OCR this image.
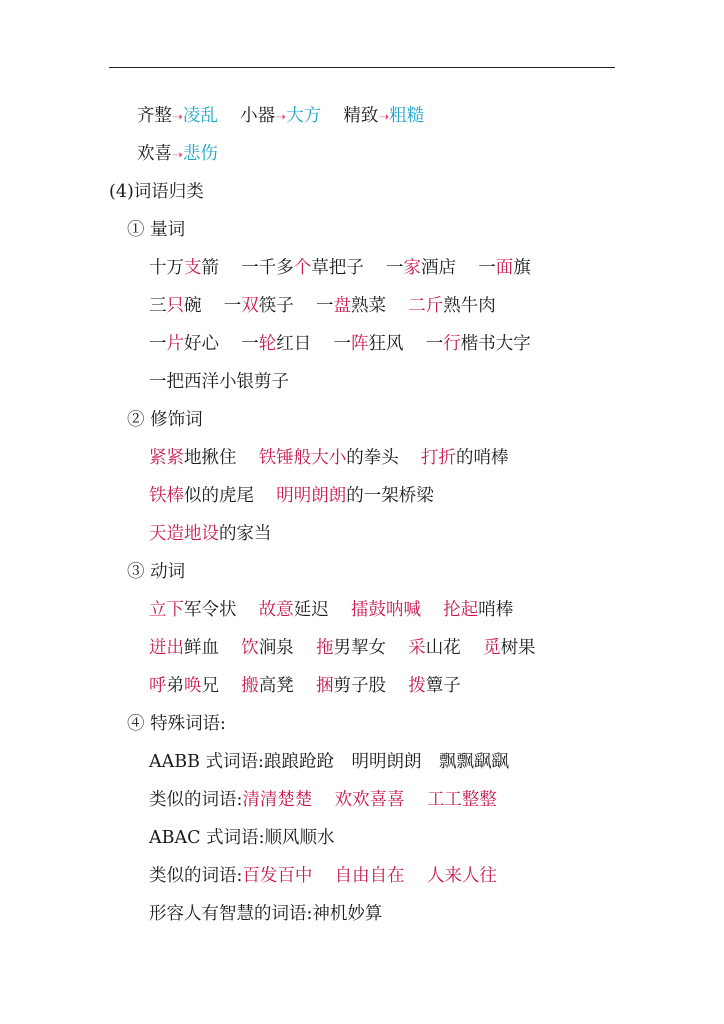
齐整➝凌乱 小器➝大方 精致➝粗糙
欢喜➝悲伤
(4)词语归类
① 量词
十万支箭 一千多个草把子 一家酒店 一面旗
三只碗 一双筷子 一盘熟菜 二斤熟牛肉
一片好心 一轮红日 一阵狂风 一行楷书大字
一把西洋小银剪子
② 修饰词
紧紧地揪住 铁锤般大小的拳头 打折的哨棒
铁棒似的虎尾 明明朗朗的一架桥梁
天造地设的家当
③ 动词
立下军令状 故意延迟 擂鼓呐喊 抡起哨棒
迸出鲜血 饮涧泉 拖男挈女 采山花 觅树果
呼弟唤兄 搬高凳 捆剪子股 拨簟子
④ 特殊词语:
AABB 式词语:踉踉跄跄　明明朗朗　飘飘飖飖
类似的词语:清清楚楚 欢欢喜喜 工工整整
ABAC 式词语:顺风顺水
类似的词语:百发百中 自由自在 人来人往
形容人有智慧的词语:神机妙算
